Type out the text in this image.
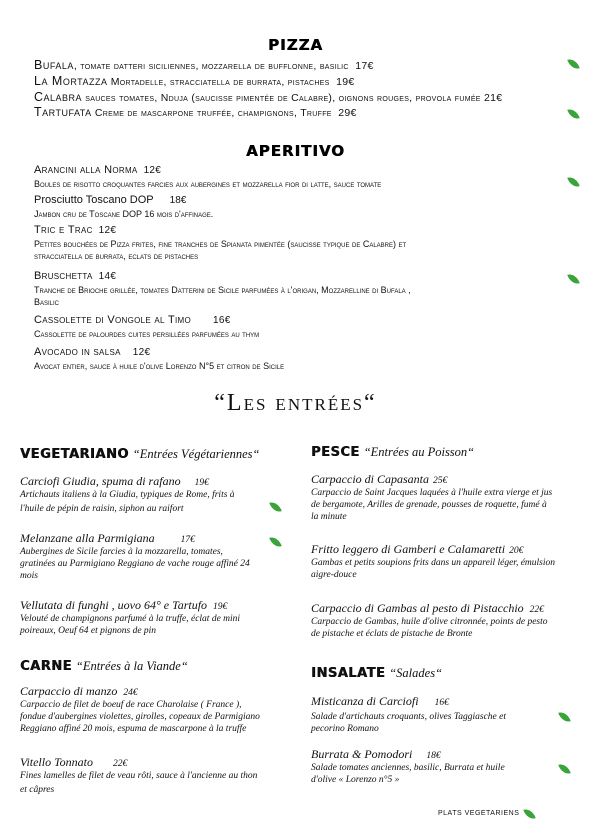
PIZZA
Bufala, tomate datteri siciliennes, mozzarella de bufflonne, basilic 17€
La Mortazza Mortadelle, stracciatella de burrata, pistaches 19€
Calabra sauces tomates, Nduja (saucisse pimentée de Calabre), oignons rouges, provola fumée 21€
Tartufata Creme de mascarpone truffée, champignons, Truffe 29€
APERITIVO
Arancini alla Norma 12€
Boules de risotto croquantes farcies aux aubergines et mozzarella fior di latte, sauce tomate
Prosciutto Toscano DOP 18€
Jambon cru de Toscane DOP 16 mois d'affinage.
Tric e Trac 12€
Petites bouchées de Pizza frites, fine tranches de Spianata pimentée (saucisse typique de Calabre) et
stracciatella de burrata, eclats de pistaches
Bruschetta 14€
Tranche de Brioche grillée, tomates Datterini de Sicile parfumées à l'origan, Mozzarelline di Bufala ,
Basilic
Cassolette di Vongole al Timo 16€
Cassolette de palourdes cuites persillées parfumées au thym
Avocado in salsa 12€
Avocat entier, sauce à huile d'olive Lorenzo N°5 et citron de Sicile
“Les entrées“
VEGETARIANO “Entrées Végétariennes“
Carciofi Giudia, spuma di rafano 19€
Artichauts italiens à la Giudia, typiques de Rome, frits à
l'huile de pépin de raisin, siphon au raifort
Melanzane alla Parmigiana	17€
Aubergines de Sicile farcies à la mozzarella, tomates,
gratinées au Parmigiano Reggiano de vache rouge affiné 24
mois
Vellutata di funghi , uovo 64° e Tartufo 19€
Velouté de champignons parfumé à la truffe, éclat de mini
poireaux, Oeuf 64 et pignons de pin
CARNE “Entrées à la Viande“
Carpaccio di manzo 24€
Carpaccio de filet de boeuf de race Charolaise ( France ),
fondue d'aubergines violettes, girolles, copeaux de Parmigiano
Reggiano affiné 20 mois, espuma de mascarpone à la truffe
Vitello Tonnato 22€
Fines lamelles de filet de veau rôti, sauce à l'ancienne au thon
et câpres
PESCE “Entrées au Poisson“
Carpaccio di Capasanta 25€
Carpaccio de Saint Jacques laquées à l'huile extra vierge et jus
de bergamote, Arilles de grenade, pousses de roquette, fumé à
la minute
Fritto leggero di Gamberi e Calamaretti 20€
Gambas et petits soupions frits dans un appareil léger, émulsion
aigre-douce
Carpaccio di Gambas al pesto di Pistacchio 22€
Carpaccio de Gambas, huile d'olive citronnée, points de pesto
de pistache et éclats de pistache de Bronte
INSALATE “Salades“
Misticanza di Carciofi 16€
Salade d'artichauts croquants, olives Taggiasche et
pecorino Romano
Burrata & Pomodori 18€
Salade tomates anciennes, basilic, Burrata et huile
d'olive « Lorenzo n°5 »
PLATS VEGETARIENS
